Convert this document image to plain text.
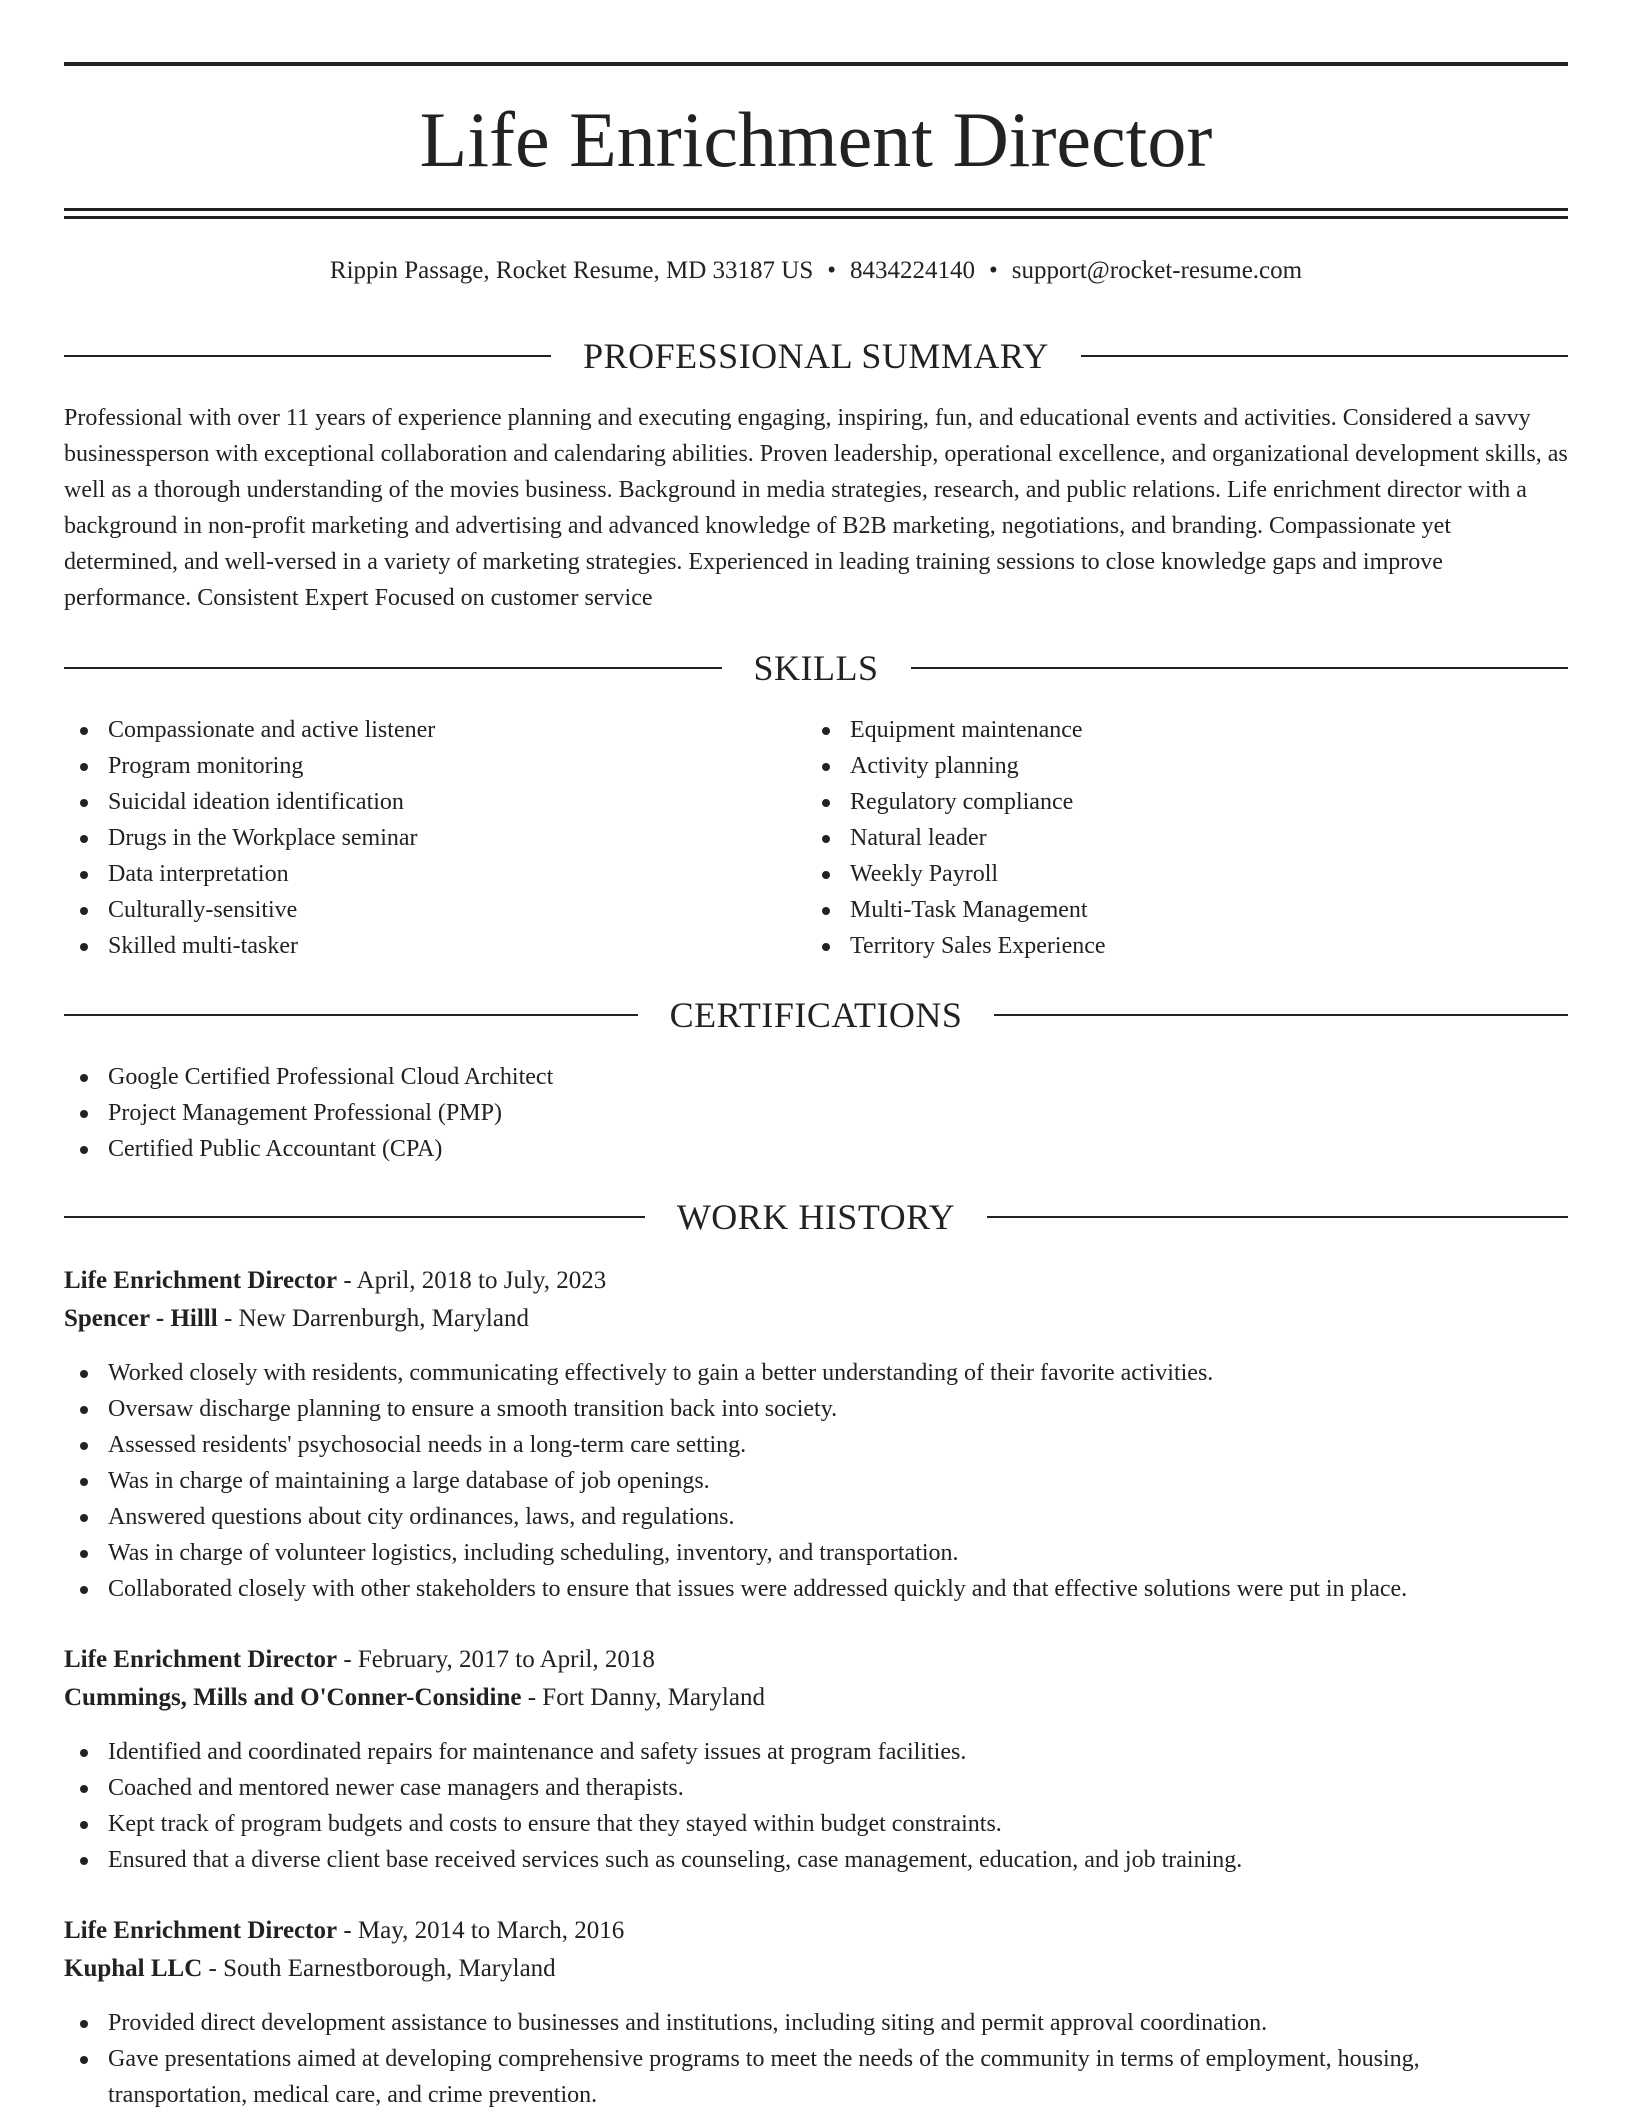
Life Enrichment Director
Rippin Passage, Rocket Resume, MD 33187 US • 8434224140 • support@rocket-resume.com
PROFESSIONAL SUMMARY
Professional with over 11 years of experience planning and executing engaging, inspiring, fun, and educational events and activities. Considered a savvy businessperson with exceptional collaboration and calendaring abilities. Proven leadership, operational excellence, and organizational development skills, as well as a thorough understanding of the movies business. Background in media strategies, research, and public relations. Life enrichment director with a background in non-profit marketing and advertising and advanced knowledge of B2B marketing, negotiations, and branding. Compassionate yet determined, and well-versed in a variety of marketing strategies. Experienced in leading training sessions to close knowledge gaps and improve performance. Consistent Expert Focused on customer service
SKILLS
Compassionate and active listener
Program monitoring
Suicidal ideation identification
Drugs in the Workplace seminar
Data interpretation
Culturally-sensitive
Skilled multi-tasker
Equipment maintenance
Activity planning
Regulatory compliance
Natural leader
Weekly Payroll
Multi-Task Management
Territory Sales Experience
CERTIFICATIONS
Google Certified Professional Cloud Architect
Project Management Professional (PMP)
Certified Public Accountant (CPA)
WORK HISTORY
Life Enrichment Director - April, 2018 to July, 2023
Spencer - Hilll - New Darrenburgh, Maryland
Worked closely with residents, communicating effectively to gain a better understanding of their favorite activities.
Oversaw discharge planning to ensure a smooth transition back into society.
Assessed residents' psychosocial needs in a long-term care setting.
Was in charge of maintaining a large database of job openings.
Answered questions about city ordinances, laws, and regulations.
Was in charge of volunteer logistics, including scheduling, inventory, and transportation.
Collaborated closely with other stakeholders to ensure that issues were addressed quickly and that effective solutions were put in place.
Life Enrichment Director - February, 2017 to April, 2018
Cummings, Mills and O'Conner-Considine - Fort Danny, Maryland
Identified and coordinated repairs for maintenance and safety issues at program facilities.
Coached and mentored newer case managers and therapists.
Kept track of program budgets and costs to ensure that they stayed within budget constraints.
Ensured that a diverse client base received services such as counseling, case management, education, and job training.
Life Enrichment Director - May, 2014 to March, 2016
Kuphal LLC - South Earnestborough, Maryland
Provided direct development assistance to businesses and institutions, including siting and permit approval coordination.
Gave presentations aimed at developing comprehensive programs to meet the needs of the community in terms of employment, housing, transportation, medical care, and crime prevention.
